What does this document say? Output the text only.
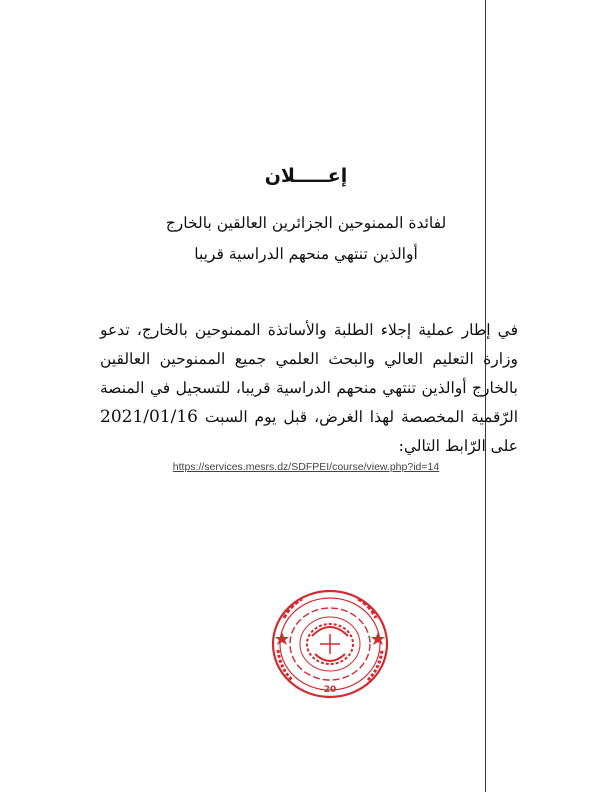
إعـــــلان
لفائدة الممنوحين الجزائرين العالقين بالخارج
أوالذين تنتهي منحهم الدراسية قريبا
في إطار عملية إجلاء الطلبة والأساتذة الممنوحين بالخارج، تدعو وزارة التعليم العالي والبحث العلمي جميع الممنوحين العالقين بالخارج أوالذين تنتهي منحهم الدراسية قريبا، للتسجيل في المنصة الرّقمية المخصصة لهذا الغرض، قبل يوم السبت 2021/01/16 على الرّابط التالي:
https://services.mesrs.dz/SDFPEI/course/view.php?id=14
20
